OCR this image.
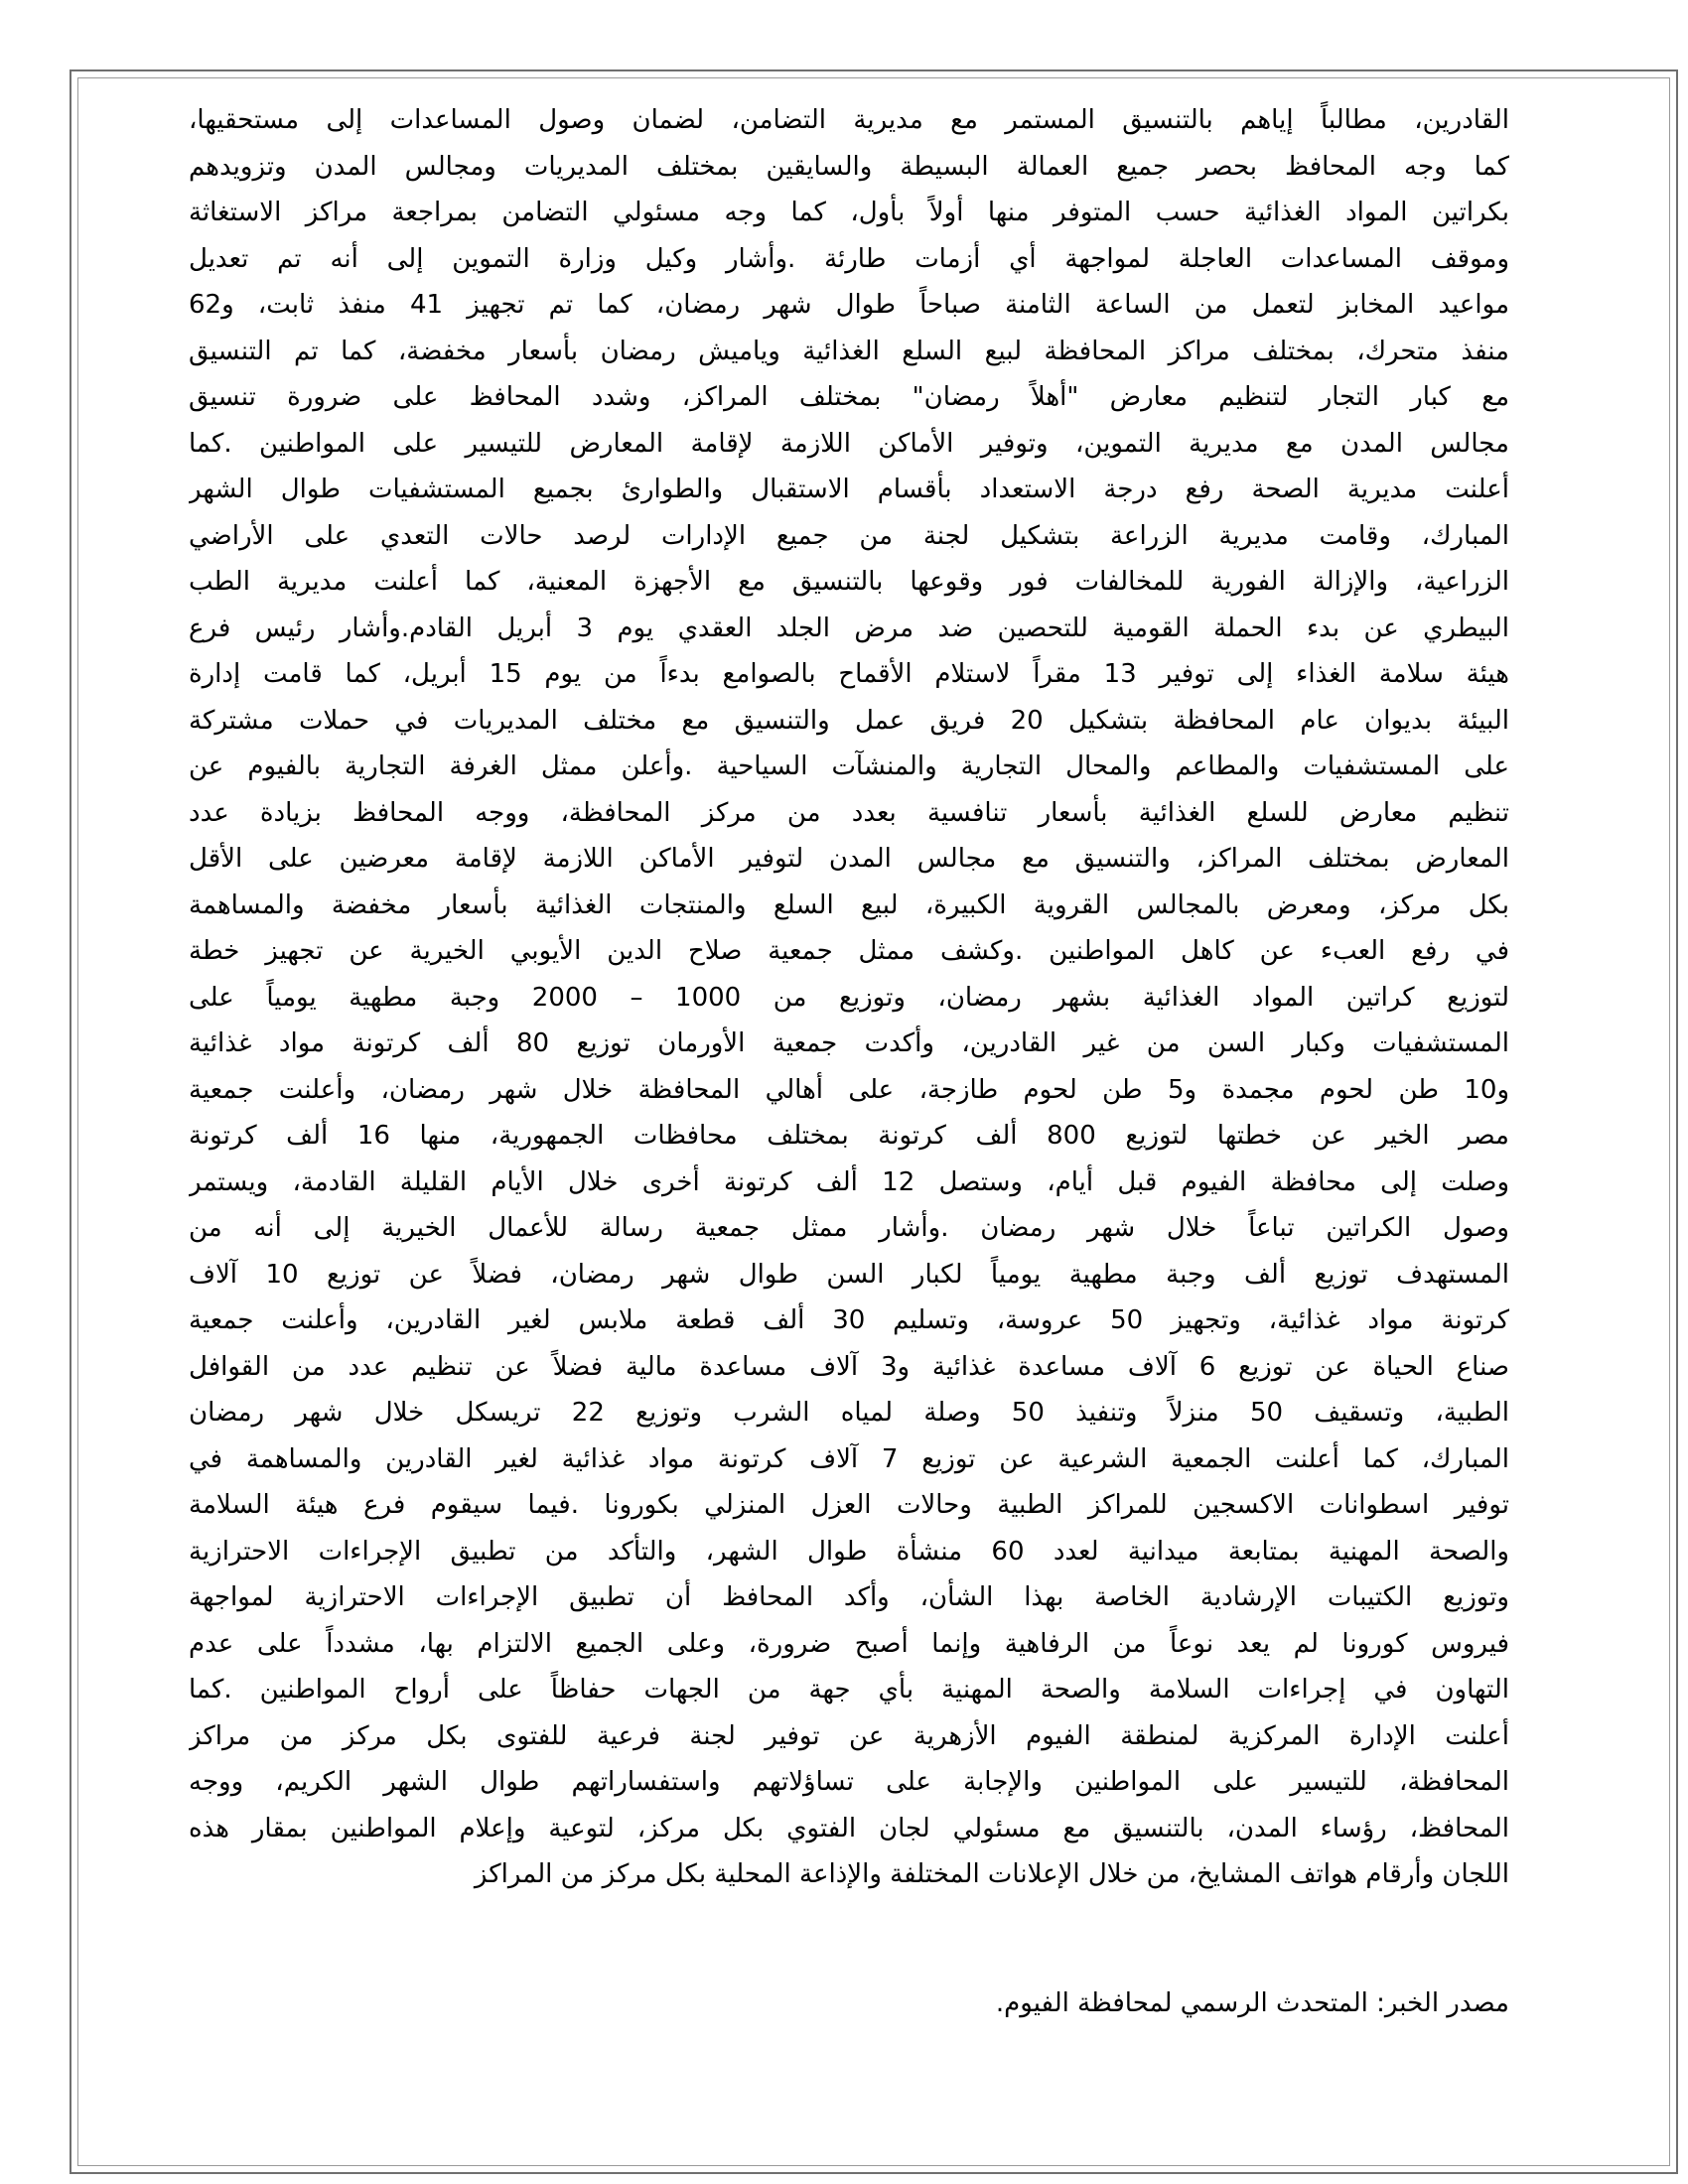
القادرين، مطالباً إياهم بالتنسيق المستمر مع مديرية التضامن، لضمان وصول المساعدات إلى مستحقيها،
كما وجه المحافظ بحصر جميع العمالة البسيطة والسايقين بمختلف المديريات ومجالس المدن وتزويدهم
بكراتين المواد الغذائية حسب المتوفر منها أولاً بأول، كما وجه مسئولي التضامن بمراجعة مراكز الاستغاثة
وموقف المساعدات العاجلة لمواجهة أي أزمات طارئة .وأشار وكيل وزارة التموين إلى أنه تم تعديل
مواعيد المخابز لتعمل من الساعة الثامنة صباحاً طوال شهر رمضان، كما تم تجهيز 41 منفذ ثابت، و62
منفذ متحرك، بمختلف مراكز المحافظة لبيع السلع الغذائية وياميش رمضان بأسعار مخفضة، كما تم التنسيق
مع كبار التجار لتنظيم معارض "أهلاً رمضان" بمختلف المراكز، وشدد المحافظ على ضرورة تنسيق
مجالس المدن مع مديرية التموين، وتوفير الأماكن اللازمة لإقامة المعارض للتيسير على المواطنين .كما
أعلنت مديرية الصحة رفع درجة الاستعداد بأقسام الاستقبال والطوارئ بجميع المستشفيات طوال الشهر
المبارك، وقامت مديرية الزراعة بتشكيل لجنة من جميع الإدارات لرصد حالات التعدي على الأراضي
الزراعية، والإزالة الفورية للمخالفات فور وقوعها بالتنسيق مع الأجهزة المعنية، كما أعلنت مديرية الطب
البيطري عن بدء الحملة القومية للتحصين ضد مرض الجلد العقدي يوم 3 أبريل القادم.وأشار رئيس فرع
هيئة سلامة الغذاء إلى توفير 13 مقراً لاستلام الأقماح بالصوامع بدءاً من يوم 15 أبريل، كما قامت إدارة
البيئة بديوان عام المحافظة بتشكيل 20 فريق عمل والتنسيق مع مختلف المديريات في حملات مشتركة
على المستشفيات والمطاعم والمحال التجارية والمنشآت السياحية .وأعلن ممثل الغرفة التجارية بالفيوم عن
تنظيم معارض للسلع الغذائية بأسعار تنافسية بعدد من مركز المحافظة، ووجه المحافظ بزيادة عدد
المعارض بمختلف المراكز، والتنسيق مع مجالس المدن لتوفير الأماكن اللازمة لإقامة معرضين على الأقل
بكل مركز، ومعرض بالمجالس القروية الكبيرة، لبيع السلع والمنتجات الغذائية بأسعار مخفضة والمساهمة
في رفع العبء عن كاهل المواطنين .وكشف ممثل جمعية صلاح الدين الأيوبي الخيرية عن تجهيز خطة
لتوزيع كراتين المواد الغذائية بشهر رمضان، وتوزيع من 1000 – 2000 وجبة مطهية يومياً على
المستشفيات وكبار السن من غير القادرين، وأكدت جمعية الأورمان توزيع 80 ألف كرتونة مواد غذائية
و10 طن لحوم مجمدة و5 طن لحوم طازجة، على أهالي المحافظة خلال شهر رمضان، وأعلنت جمعية
مصر الخير عن خطتها لتوزيع 800 ألف كرتونة بمختلف محافظات الجمهورية، منها 16 ألف كرتونة
وصلت إلى محافظة الفيوم قبل أيام، وستصل 12 ألف كرتونة أخرى خلال الأيام القليلة القادمة، ويستمر
وصول الكراتين تباعاً خلال شهر رمضان .وأشار ممثل جمعية رسالة للأعمال الخيرية إلى أنه من
المستهدف توزيع ألف وجبة مطهية يومياً لكبار السن طوال شهر رمضان، فضلاً عن توزيع 10 آلاف
كرتونة مواد غذائية، وتجهيز 50 عروسة، وتسليم 30 ألف قطعة ملابس لغير القادرين، وأعلنت جمعية
صناع الحياة عن توزيع 6 آلاف مساعدة غذائية و3 آلاف مساعدة مالية فضلاً عن تنظيم عدد من القوافل
الطبية، وتسقيف 50 منزلاً وتنفيذ 50 وصلة لمياه الشرب وتوزيع 22 تريسكل خلال شهر رمضان
المبارك، كما أعلنت الجمعية الشرعية عن توزيع 7 آلاف كرتونة مواد غذائية لغير القادرين والمساهمة في
توفير اسطوانات الاكسجين للمراكز الطبية وحالات العزل المنزلي بكورونا .فيما سيقوم فرع هيئة السلامة
والصحة المهنية بمتابعة ميدانية لعدد 60 منشأة طوال الشهر، والتأكد من تطبيق الإجراءات الاحترازية
وتوزيع الكتيبات الإرشادية الخاصة بهذا الشأن، وأكد المحافظ أن تطبيق الإجراءات الاحترازية لمواجهة
فيروس كورونا لم يعد نوعاً من الرفاهية وإنما أصبح ضرورة، وعلى الجميع الالتزام بها، مشدداً على عدم
التهاون في إجراءات السلامة والصحة المهنية بأي جهة من الجهات حفاظاً على أرواح المواطنين .كما
أعلنت الإدارة المركزية لمنطقة الفيوم الأزهرية عن توفير لجنة فرعية للفتوى بكل مركز من مراكز
المحافظة، للتيسير على المواطنين والإجابة على تساؤلاتهم واستفساراتهم طوال الشهر الكريم، ووجه
المحافظ، رؤساء المدن، بالتنسيق مع مسئولي لجان الفتوي بكل مركز، لتوعية وإعلام المواطنين بمقار هذه
اللجان وأرقام هواتف المشايخ، من خلال الإعلانات المختلفة والإذاعة المحلية بكل مركز من المراكز
مصدر الخبر: المتحدث الرسمي لمحافظة الفيوم.
